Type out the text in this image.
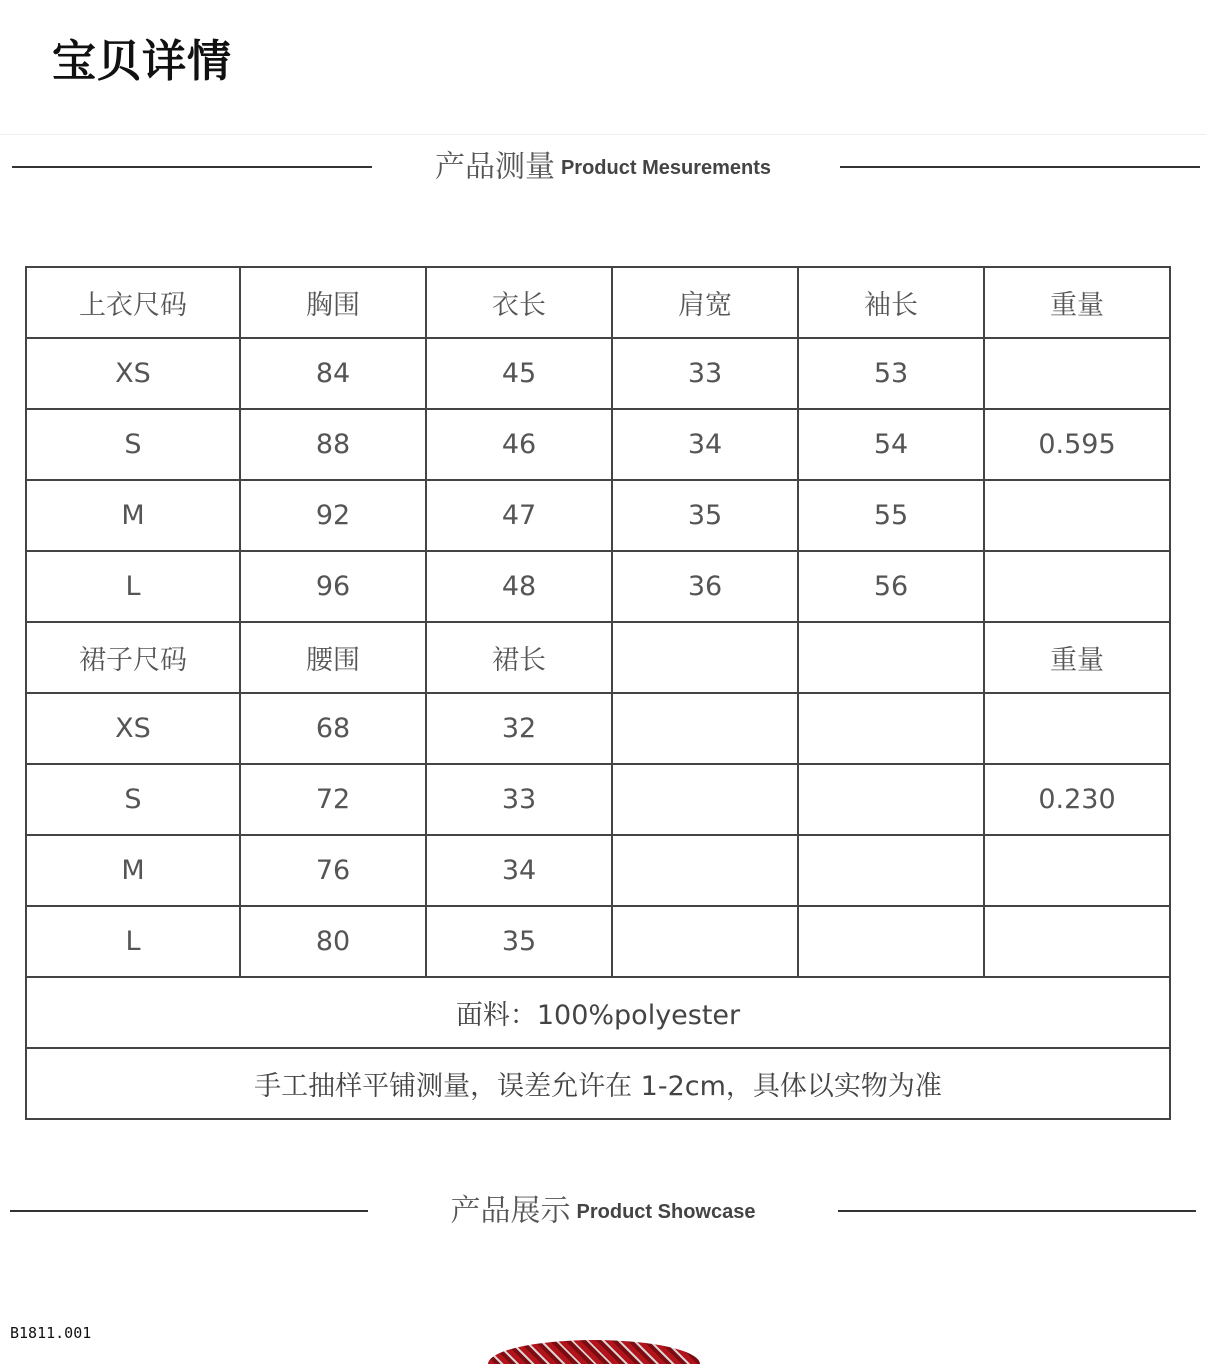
宝贝详情
产品测量 Product Mesurements
上衣尺码	胸围	衣长	肩宽	袖长	重量
XS	84	45	33	53	
S	88	46	34	54	0.595
M	92	47	35	55	
L	96	48	36	56	
裙子尺码	腰围	裙长			重量
XS	68	32			
S	72	33			0.230
M	76	34			
L	80	35			
面料：100%polyester					
手工抽样平铺测量，误差允许在 1-2cm，具体以实物为准					
产品展示 Product Showcase
B1811.001
